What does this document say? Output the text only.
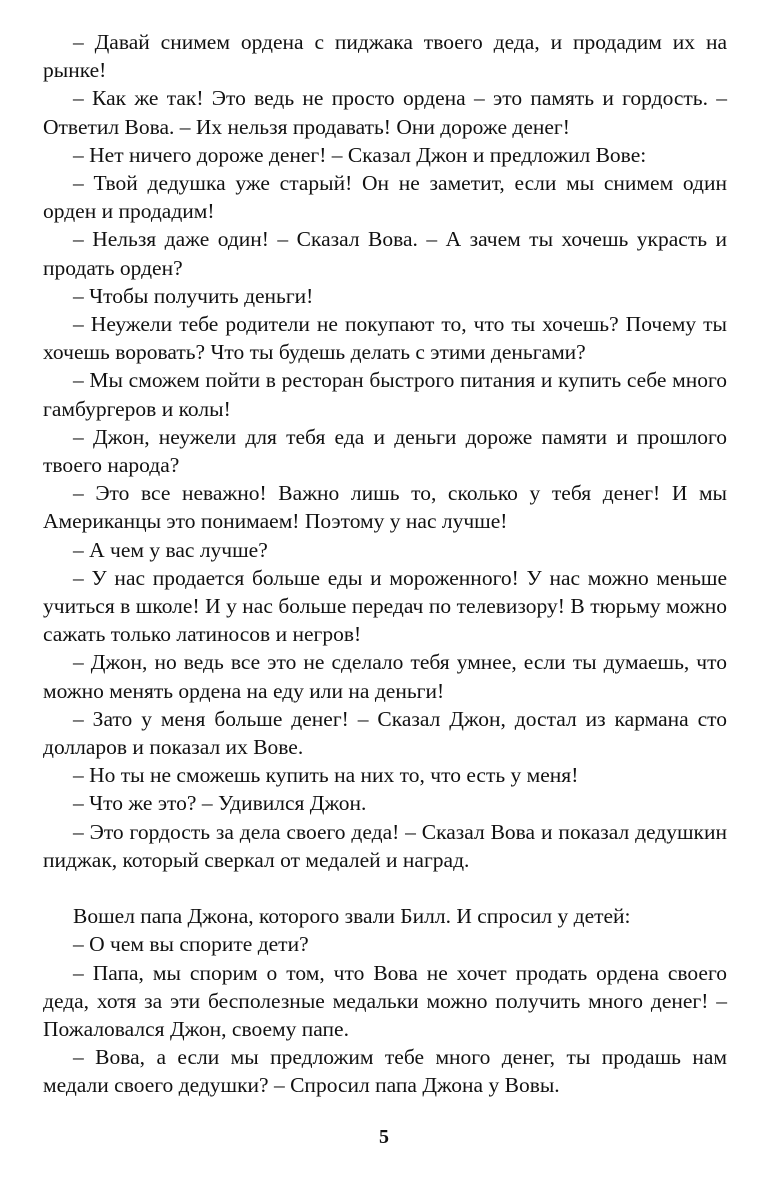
– Давай снимем ордена с пиджака твоего деда, и продадим их на рынке!

– Как же так! Это ведь не просто ордена – это память и гордость. – Ответил Вова. – Их нельзя продавать! Они дороже денег!

– Нет ничего дороже денег! – Сказал Джон и предложил Вове:

– Твой дедушка уже старый! Он не заметит, если мы снимем один орден и продадим!

– Нельзя даже один! – Сказал Вова. – А зачем ты хочешь украсть и продать орден?

– Чтобы получить деньги!

– Неужели тебе родители не покупают то, что ты хочешь? Почему ты хочешь воровать? Что ты будешь делать с этими деньгами?

– Мы сможем пойти в ресторан быстрого питания и купить себе много гамбургеров и колы!

– Джон, неужели для тебя еда и деньги дороже памяти и прошлого твоего народа?

– Это все неважно! Важно лишь то, сколько у тебя денег! И мы Американцы это понимаем! Поэтому у нас лучше!

– А чем у вас лучше?

– У нас продается больше еды и мороженного! У нас можно меньше учиться в школе! И у нас больше передач по телевизору! В тюрьму можно сажать только латиносов и негров!

– Джон, но ведь все это не сделало тебя умнее, если ты думаешь, что можно менять ордена на еду или на деньги!

– Зато у меня больше денег! – Сказал Джон, достал из кармана сто долларов и показал их Вове.

– Но ты не сможешь купить на них то, что есть у меня!

– Что же это? – Удивился Джон.

– Это гордость за дела своего деда! – Сказал Вова и показал дедушкин пиджак, который сверкал от медалей и наград.

Вошел папа Джона, которого звали Билл. И спросил у детей:

– О чем вы спорите дети?

– Папа, мы спорим о том, что Вова не хочет продать ордена своего деда, хотя за эти бесполезные медальки можно получить много денег! – Пожаловался Джон, своему папе.

– Вова, а если мы предложим тебе много денег, ты продашь нам медали своего дедушки? – Спросил папа Джона у Вовы.

5
